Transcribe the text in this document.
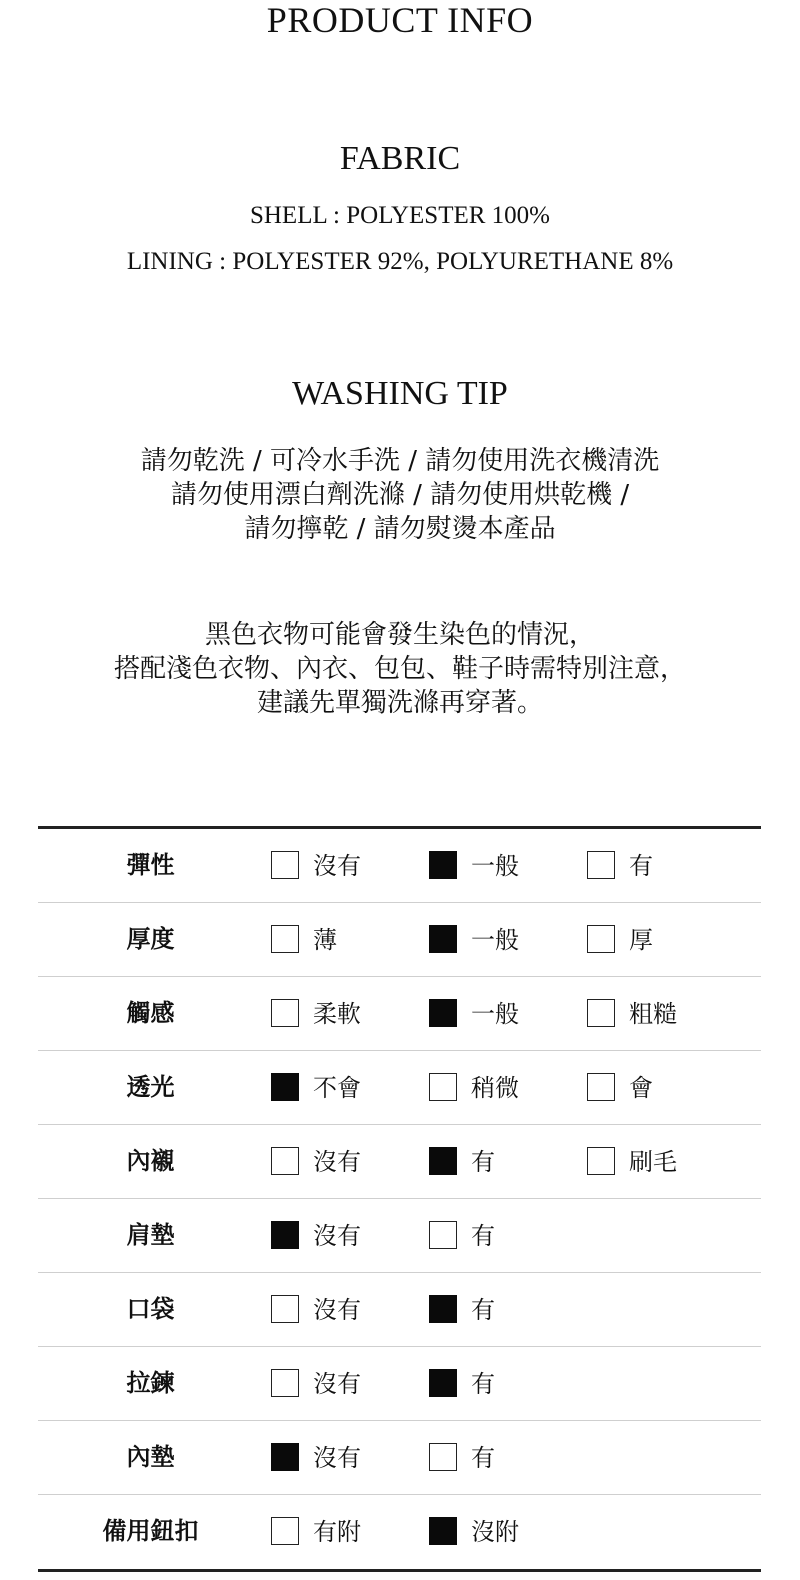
PRODUCT INFO
FABRIC
SHELL : POLYESTER 100%
LINING : POLYESTER 92%, POLYURETHANE 8%
WASHING TIP
請勿乾洗 / 可冷水手洗 / 請勿使用洗衣機清洗
請勿使用漂白劑洗滌 / 請勿使用烘乾機 /
請勿擰乾 / 請勿熨燙本產品
黑色衣物可能會發生染色的情況，
搭配淺色衣物、內衣、包包、鞋子時需特別注意，
建議先單獨洗滌再穿著。
彈性	沒有	一般	有
厚度	薄	一般	厚
觸感	柔軟	一般	粗糙
透光	不會	稍微	會
內襯	沒有	有	刷毛
肩墊	沒有	有
口袋	沒有	有
拉鍊	沒有	有
內墊	沒有	有
備用鈕扣	有附	沒附
